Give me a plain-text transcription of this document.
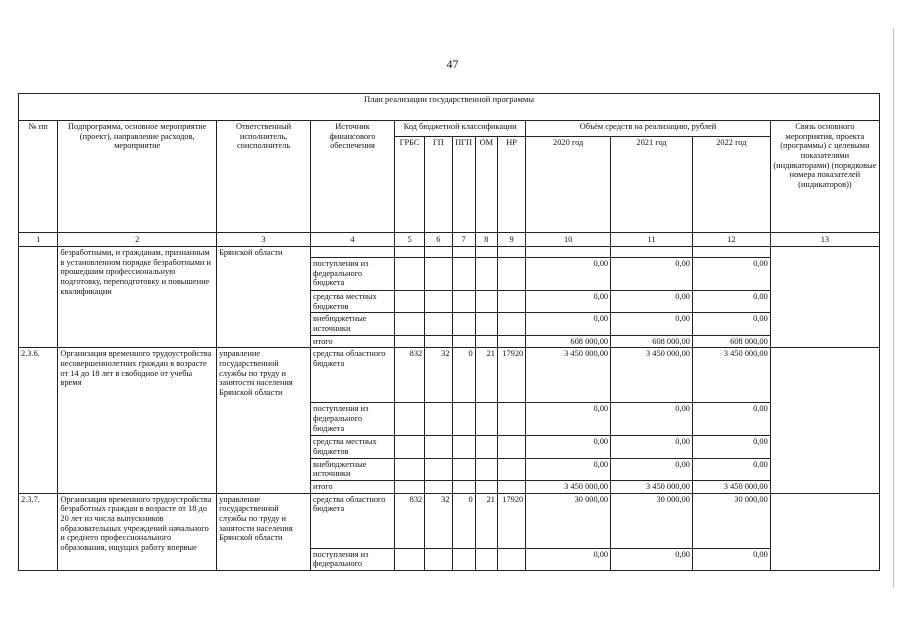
47
План реализации государственной программы												
№ пп	Подпрограмма, основное мероприятие (проект), направление расходов, мероприятие	Ответственный исполнитель, соисполнитель	Источник финансового обеспечения	Код бюджетной классификации					Объём средств на реализацию, рублей			Связь основного мероприятия, проекта (программы) с целевыми показателями (индикаторами) (порядковые номера показателей (индикаторов))
				ГРБС	ГП	ПГП	ОМ	НР	2020 год	2021 год	2022 год	
1	2	3	4	5	6	7	8	9	10	11	12	13
	безработными, и гражданам, признанным в установленном порядке безработными и прошедшим профессиональную подготовку, переподготовку и повышение квалификации	Брянской области										
			поступления из федерального бюджета						0,00	0,00	0,00	
			средства местных бюджетов						0,00	0,00	0,00	
			внебюджетные источники						0,00	0,00	0,00	
			итого						608 000,00	608 000,00	608 000,00	
2.3.6.	Организация временного трудоустройства несовершеннолетних граждан в возрасте от 14 до 18 лет в свободное от учебы время	управление государственной службы по труду и занятости населения Брянской области	средства областного бюджета	832	32	0	21	17920	3 450 000,00	3 450 000,00	3 450 000,00	
			поступления из федерального бюджета						0,00	0,00	0,00	
			средства местных бюджетов						0,00	0,00	0,00	
			внебюджетные источники						0,00	0,00	0,00	
			итого						3 450 000,00	3 450 000,00	3 450 000,00	
2.3.7.	Организация временного трудоустройства безработных граждан в возрасте от 18 до 20 лет из числа выпускников образовательных учреждений начального и среднего профессионального образования, ищущих работу впервые	управление государственной службы по труду и занятости населения Брянской области	средства областного бюджета	832	32	0	21	17920	30 000,00	30 000,00	30 000,00	
			поступления из федерального						0,00	0,00	0,00	
